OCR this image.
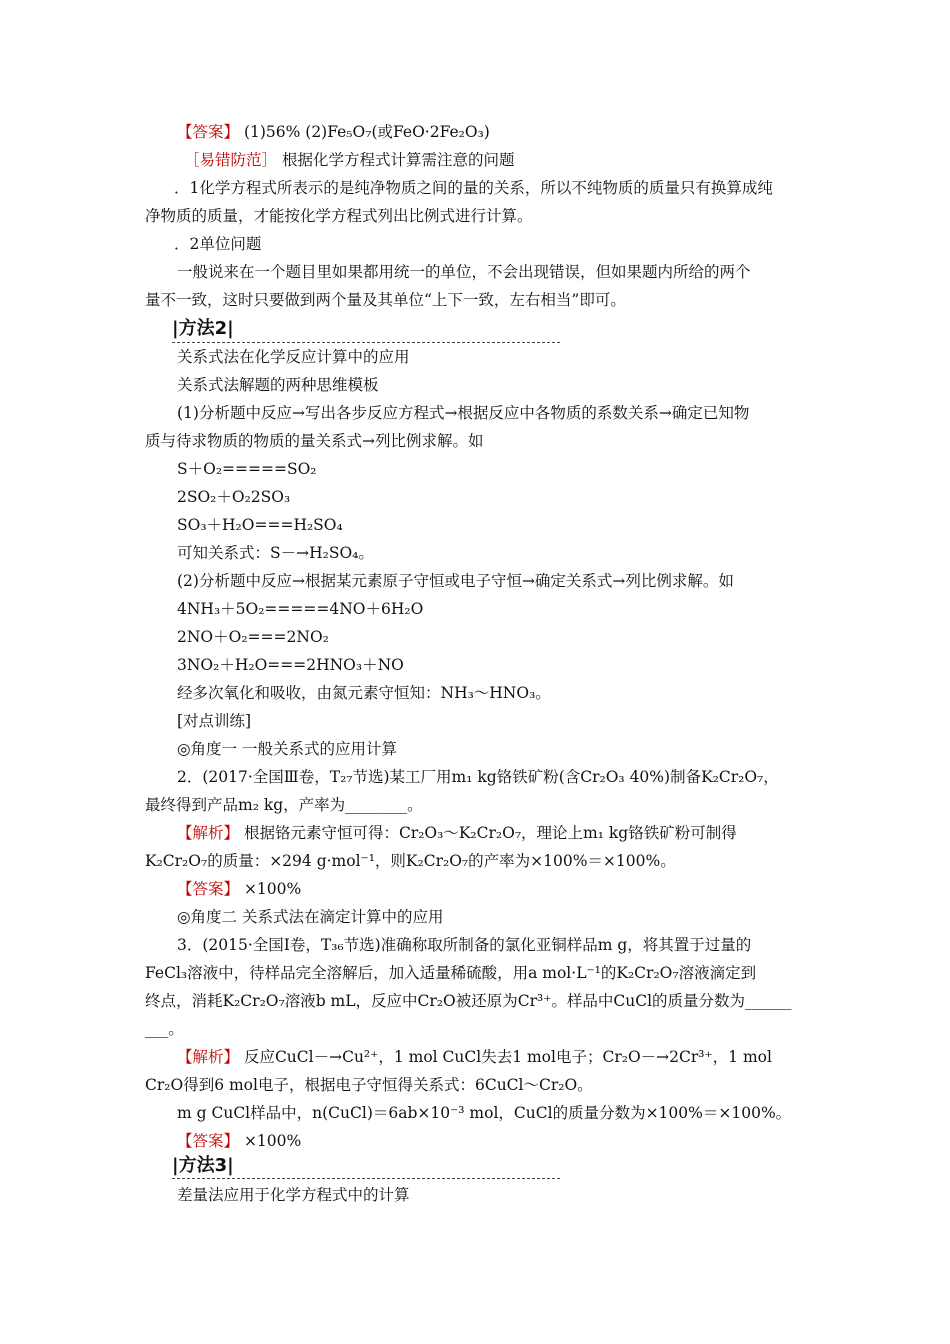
【答案】 (1)56% (2)Fe₅O₇(或FeO·2Fe₂O₃)
［易错防范］ 根据化学方程式计算需注意的问题
．1化学方程式所表示的是纯净物质之间的量的关系，所以不纯物质的质量只有换算成纯
净物质的质量，才能按化学方程式列出比例式进行计算。
．2单位问题
一般说来在一个题目里如果都用统一的单位，不会出现错误，但如果题内所给的两个
量不一致，这时只要做到两个量及其单位“上下一致，左右相当”即可。
|方法2|
关系式法在化学反应计算中的应用
关系式法解题的两种思维模板
(1)分析题中反应→写出各步反应方程式→根据反应中各物质的系数关系→确定已知物
质与待求物质的物质的量关系式→列比例求解。如
S＋O₂=====SO₂
2SO₂＋O₂2SO₃
SO₃＋H₂O===H₂SO₄
可知关系式：S－→H₂SO₄。
(2)分析题中反应→根据某元素原子守恒或电子守恒→确定关系式→列比例求解。如
4NH₃＋5O₂=====4NO＋6H₂O
2NO＋O₂===2NO₂
3NO₂＋H₂O===2HNO₃＋NO
经多次氧化和吸收，由氮元素守恒知：NH₃～HNO₃。
[对点训练]
◎角度一 一般关系式的应用计算
2．(2017·全国Ⅲ卷，T₂₇节选)某工厂用m₁ kg铬铁矿粉(含Cr₂O₃ 40%)制备K₂Cr₂O₇，
最终得到产品m₂ kg，产率为________。
【解析】 根据铬元素守恒可得：Cr₂O₃～K₂Cr₂O₇，理论上m₁ kg铬铁矿粉可制得
K₂Cr₂O₇的质量：×294 g·mol⁻¹，则K₂Cr₂O₇的产率为×100%＝×100%。
【答案】 ×100%
◎角度二 关系式法在滴定计算中的应用
3．(2015·全国Ⅰ卷，T₃₆节选)准确称取所制备的氯化亚铜样品m g，将其置于过量的
FeCl₃溶液中，待样品完全溶解后，加入适量稀硫酸，用a mol·L⁻¹的K₂Cr₂O₇溶液滴定到
终点，消耗K₂Cr₂O₇溶液b mL，反应中Cr₂O被还原为Cr³⁺。样品中CuCl的质量分数为______
___。
【解析】 反应CuCl－→Cu²⁺，1 mol CuCl失去1 mol电子；Cr₂O－→2Cr³⁺，1 mol
Cr₂O得到6 mol电子，根据电子守恒得关系式：6CuCl～Cr₂O。
m g CuCl样品中，n(CuCl)＝6ab×10⁻³ mol，CuCl的质量分数为×100%＝×100%。
【答案】 ×100%
|方法3|
差量法应用于化学方程式中的计算
